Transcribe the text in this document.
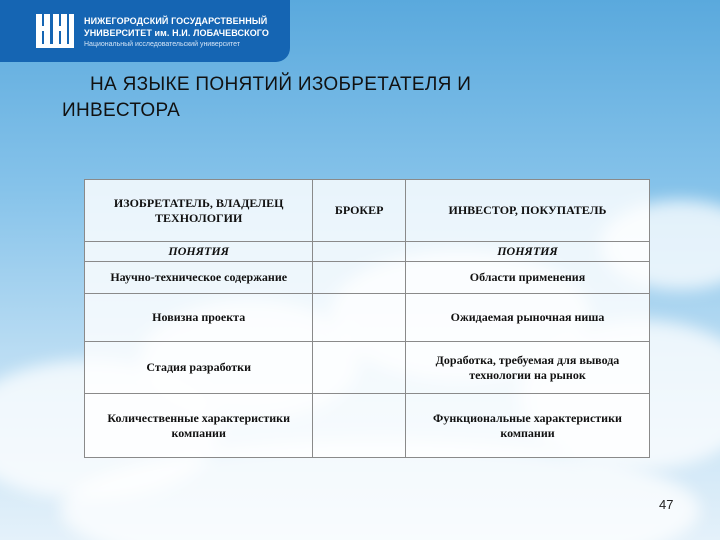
НИЖЕГОРОДСКИЙ ГОСУДАРСТВЕННЫЙ
УНИВЕРСИТЕТ им. Н.И. ЛОБАЧЕВСКОГО
Национальный исследовательский университет
НА ЯЗЫКЕ ПОНЯТИЙ ИЗОБРЕТАТЕЛЯ И
ИНВЕСТОРА
ИЗОБРЕТАТЕЛЬ, ВЛАДЕЛЕЦ ТЕХНОЛОГИИ	БРОКЕР	ИНВЕСТОР, ПОКУПАТЕЛЬ
ПОНЯТИЯ		ПОНЯТИЯ
Научно-техническое содержание		Области применения
Новизна проекта		Ожидаемая рыночная ниша
Стадия разработки		Доработка, требуемая для вывода технологии на рынок
Количественные характеристики компании		Функциональные характеристики компании
47
